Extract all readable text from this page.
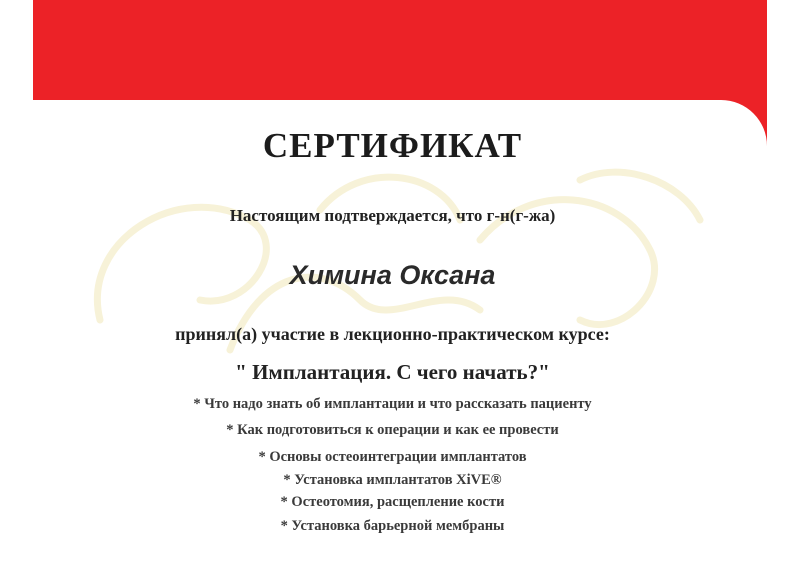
СЕРТИФИКАТ
Настоящим подтверждается, что г-н(г-жа)
Химина Оксана
принял(а) участие в лекционно-практическом курсе:
" Имплантация. С чего начать?"
* Что надо знать об имплантации и что рассказать пациенту
* Как подготовиться к операции и как ее провести
* Основы остеоинтеграции имплантатов
* Установка имплантатов XiVE®
* Остеотомия, расщепление кости
* Установка барьерной мембраны
